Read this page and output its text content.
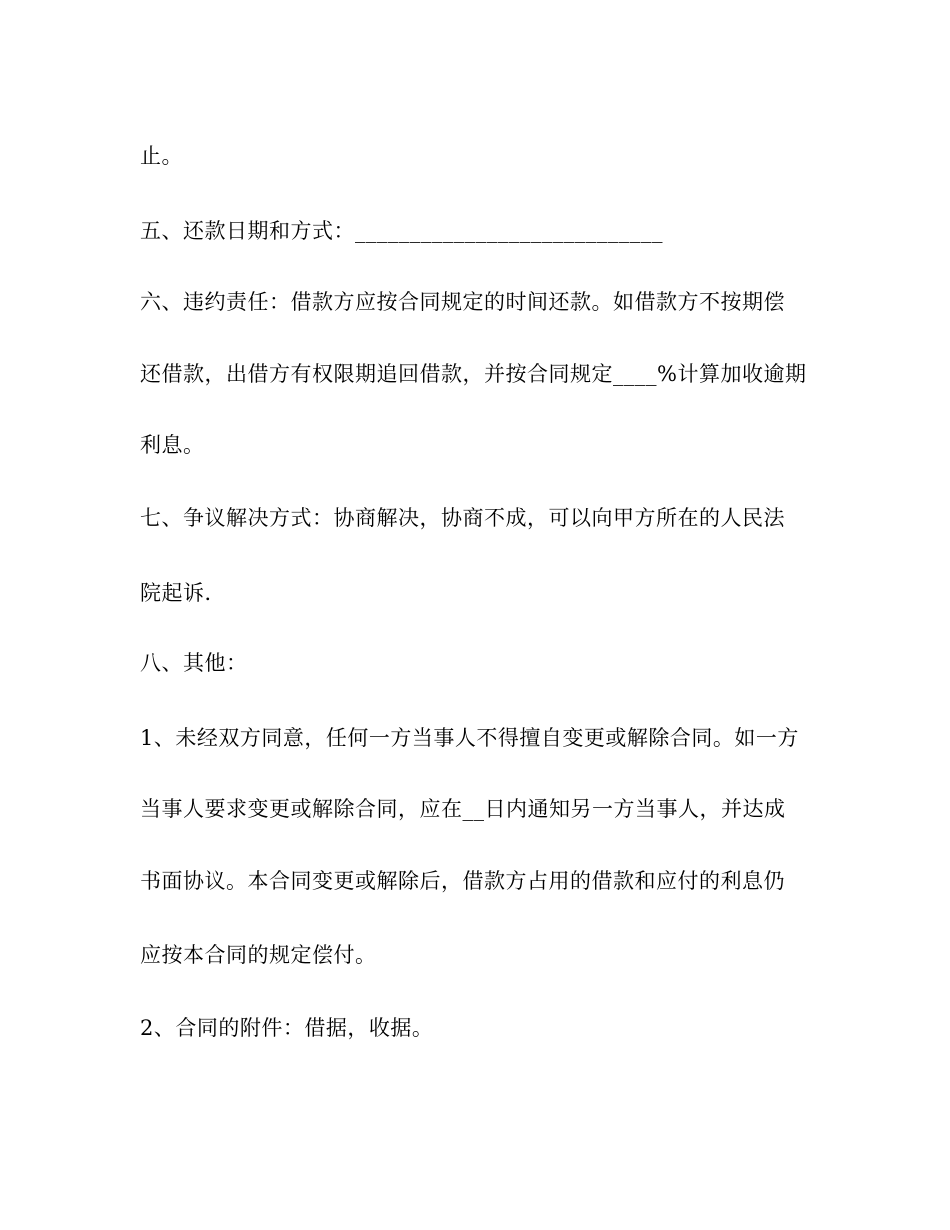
止。
五、还款日期和方式：____________________________
六、违约责任：借款方应按合同规定的时间还款。如借款方不按期偿
还借款，出借方有权限期追回借款，并按合同规定____%计算加收逾期
利息。
七、争议解决方式：协商解决，协商不成，可以向甲方所在的人民法
院起诉．
八、其他：
1、未经双方同意，任何一方当事人不得擅自变更或解除合同。如一方
当事人要求变更或解除合同，应在__日内通知另一方当事人，并达成
书面协议。本合同变更或解除后，借款方占用的借款和应付的利息仍
应按本合同的规定偿付。
2、合同的附件：借据，收据。
